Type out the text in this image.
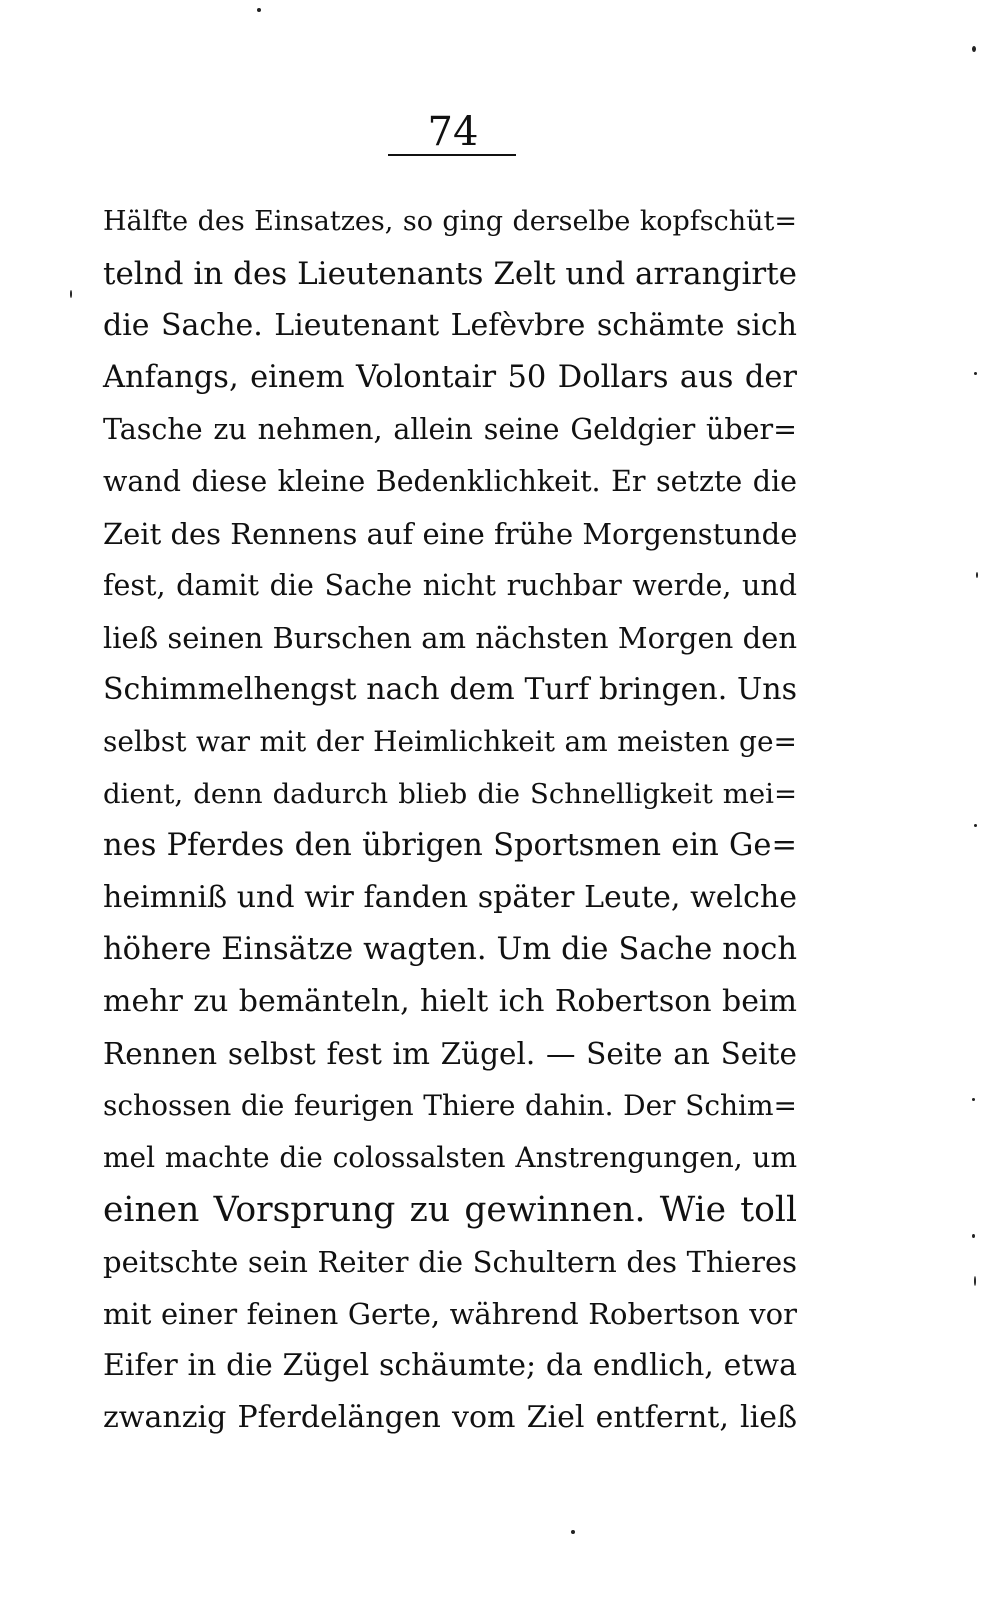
74
Hälfte des Einsatzes, so ging derselbe kopfschüt=
telnd in des Lieutenants Zelt und arrangirte
die Sache. Lieutenant Lefèvbre schämte sich
Anfangs, einem Volontair 50 Dollars aus der
Tasche zu nehmen, allein seine Geldgier über=
wand diese kleine Bedenklichkeit. Er setzte die
Zeit des Rennens auf eine frühe Morgenstunde
fest, damit die Sache nicht ruchbar werde, und
ließ seinen Burschen am nächsten Morgen den
Schimmelhengst nach dem Turf bringen. Uns
selbst war mit der Heimlichkeit am meisten ge=
dient, denn dadurch blieb die Schnelligkeit mei=
nes Pferdes den übrigen Sportsmen ein Ge=
heimniß und wir fanden später Leute, welche
höhere Einsätze wagten. Um die Sache noch
mehr zu bemänteln, hielt ich Robertson beim
Rennen selbst fest im Zügel. — Seite an Seite
schossen die feurigen Thiere dahin. Der Schim=
mel machte die colossalsten Anstrengungen, um
einen Vorsprung zu gewinnen. Wie toll
peitschte sein Reiter die Schultern des Thieres
mit einer feinen Gerte, während Robertson vor
Eifer in die Zügel schäumte; da endlich, etwa
zwanzig Pferdelängen vom Ziel entfernt, ließ
